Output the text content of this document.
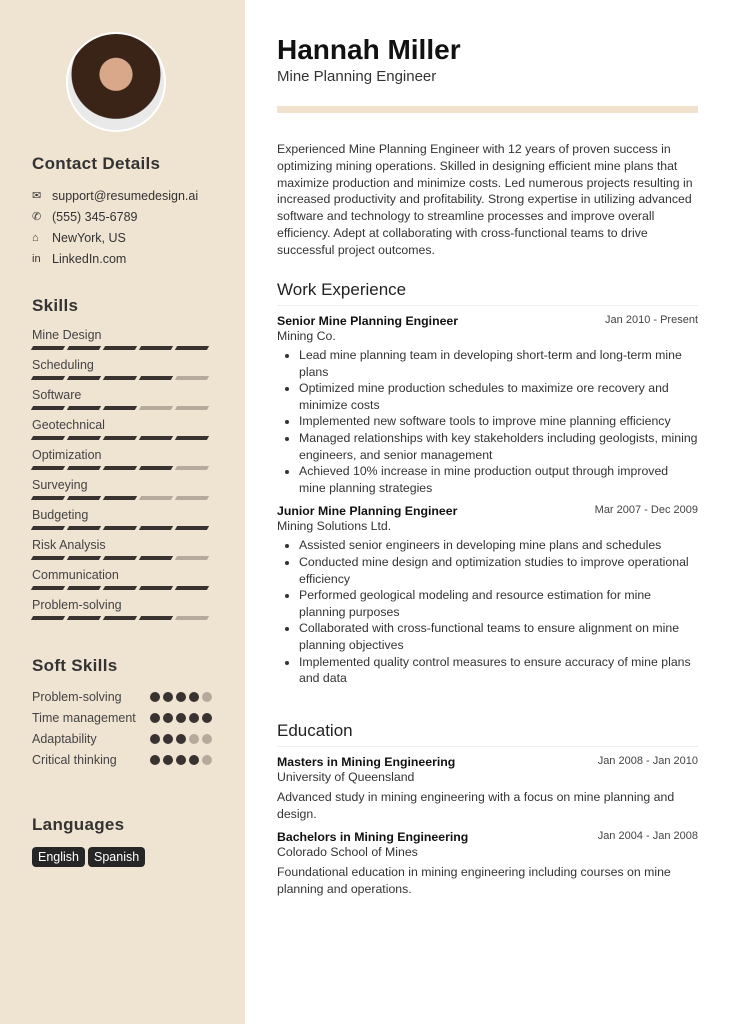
Contact Details
✉ support@resumedesign.ai
✆ (555) 345-6789
⌂	NewYork, US
in LinkedIn.com
Skills
Mine Design
Scheduling
Software
Geotechnical
Optimization
Surveying
Budgeting
Risk Analysis
Communication
Problem-solving
Soft Skills
Problem-solving
Time management
Adaptability
Critical thinking
Languages
English Spanish
Hannah Miller
Mine Planning Engineer
Experienced Mine Planning Engineer with 12 years of proven success in optimizing mining operations. Skilled in designing efficient mine plans that maximize production and minimize costs. Led numerous projects resulting in increased productivity and profitability. Strong expertise in utilizing advanced software and technology to streamline processes and improve overall efficiency. Adept at collaborating with cross-functional teams to drive successful project outcomes.
Work Experience
Senior Mine Planning Engineer	Jan 2010 - Present
Mining Co.
• Lead mine planning team in developing short-term and long-term mine plans
• Optimized mine production schedules to maximize ore recovery and minimize costs
• Implemented new software tools to improve mine planning efficiency
• Managed relationships with key stakeholders including geologists, mining engineers, and senior management
• Achieved 10% increase in mine production output through improved mine planning strategies
Junior Mine Planning Engineer	Mar 2007 - Dec 2009
Mining Solutions Ltd.
• Assisted senior engineers in developing mine plans and schedules
• Conducted mine design and optimization studies to improve operational efficiency
• Performed geological modeling and resource estimation for mine planning purposes
• Collaborated with cross-functional teams to ensure alignment on mine planning objectives
• Implemented quality control measures to ensure accuracy of mine plans and data
Education
Masters in Mining Engineering	Jan 2008 - Jan 2010
University of Queensland
Advanced study in mining engineering with a focus on mine planning and design.
Bachelors in Mining Engineering	Jan 2004 - Jan 2008
Colorado School of Mines
Foundational education in mining engineering including courses on mine planning and operations.
